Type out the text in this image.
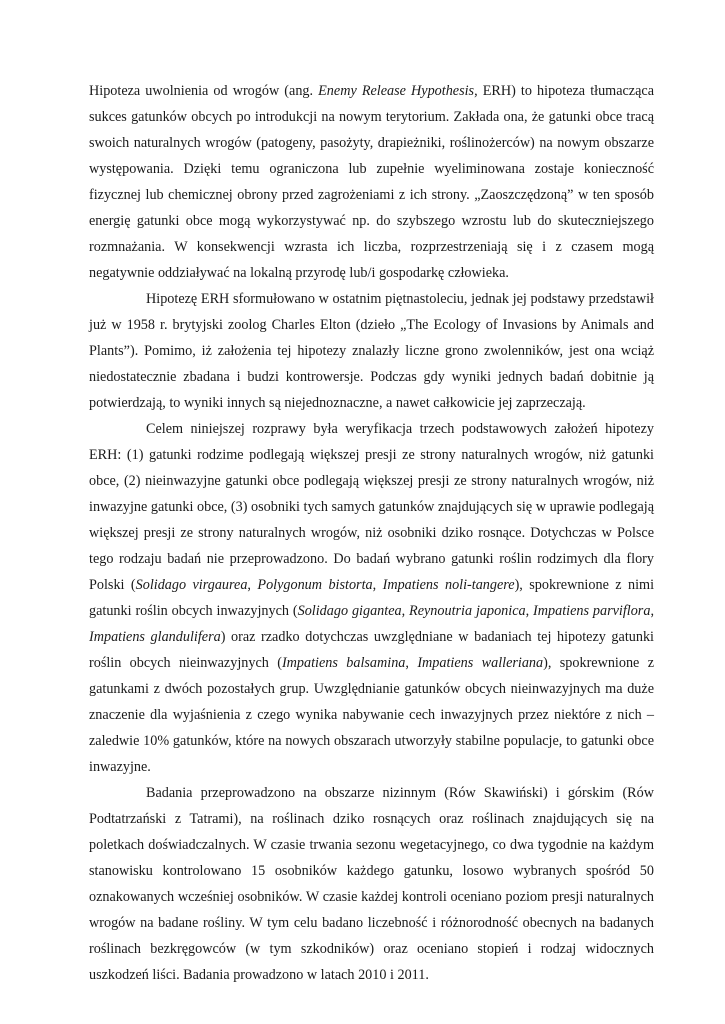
Hipoteza uwolnienia od wrogów (ang. Enemy Release Hypothesis, ERH) to hipoteza tłumacząca sukces gatunków obcych po introdukcji na nowym terytorium. Zakłada ona, że gatunki obce tracą swoich naturalnych wrogów (patogeny, pasożyty, drapieżniki, roślinożerców) na nowym obszarze występowania. Dzięki temu ograniczona lub zupełnie wyeliminowana zostaje konieczność fizycznej lub chemicznej obrony przed zagrożeniami z ich strony. „Zaoszczędzoną” w ten sposób energię gatunki obce mogą wykorzystywać np. do szybszego wzrostu lub do skuteczniejszego rozmnażania. W konsekwencji wzrasta ich liczba, rozprzestrzeniają się i z czasem mogą negatywnie oddziaływać na lokalną przyrodę lub/i gospodarkę człowieka.

Hipotezę ERH sformułowano w ostatnim piętnastoleciu, jednak jej podstawy przedstawił już w 1958 r. brytyjski zoolog Charles Elton (dzieło „The Ecology of Invasions by Animals and Plants”). Pomimo, iż założenia tej hipotezy znalazły liczne grono zwolenników, jest ona wciąż niedostatecznie zbadana i budzi kontrowersje. Podczas gdy wyniki jednych badań dobitnie ją potwierdzają, to wyniki innych są niejednoznaczne, a nawet całkowicie jej zaprzeczają.

Celem niniejszej rozprawy była weryfikacja trzech podstawowych założeń hipotezy ERH: (1) gatunki rodzime podlegają większej presji ze strony naturalnych wrogów, niż gatunki obce, (2) nieinwazyjne gatunki obce podlegają większej presji ze strony naturalnych wrogów, niż inwazyjne gatunki obce, (3) osobniki tych samych gatunków znajdujących się w uprawie podlegają większej presji ze strony naturalnych wrogów, niż osobniki dziko rosnące. Dotychczas w Polsce tego rodzaju badań nie przeprowadzono. Do badań wybrano gatunki roślin rodzimych dla flory Polski (Solidago virgaurea, Polygonum bistorta, Impatiens noli-tangere), spokrewnione z nimi gatunki roślin obcych inwazyjnych (Solidago gigantea, Reynoutria japonica, Impatiens parviflora, Impatiens glandulifera) oraz rzadko dotychczas uwzględniane w badaniach tej hipotezy gatunki roślin obcych nieinwazyjnych (Impatiens balsamina, Impatiens walleriana), spokrewnione z gatunkami z dwóch pozostałych grup. Uwzględnianie gatunków obcych nieinwazyjnych ma duże znaczenie dla wyjaśnienia z czego wynika nabywanie cech inwazyjnych przez niektóre z nich – zaledwie 10% gatunków, które na nowych obszarach utworzyły stabilne populacje, to gatunki obce inwazyjne.

Badania przeprowadzono na obszarze nizinnym (Rów Skawiński) i górskim (Rów Podtatrzański z Tatrami), na roślinach dziko rosnących oraz roślinach znajdujących się na poletkach doświadczalnych. W czasie trwania sezonu wegetacyjnego, co dwa tygodnie na każdym stanowisku kontrolowano 15 osobników każdego gatunku, losowo wybranych spośród 50 oznakowanych wcześniej osobników. W czasie każdej kontroli oceniano poziom presji naturalnych wrogów na badane rośliny. W tym celu badano liczebność i różnorodność obecnych na badanych roślinach bezkręgowców (w tym szkodników) oraz oceniano stopień i rodzaj widocznych uszkodzeń liści. Badania prowadzono w latach 2010 i 2011.
